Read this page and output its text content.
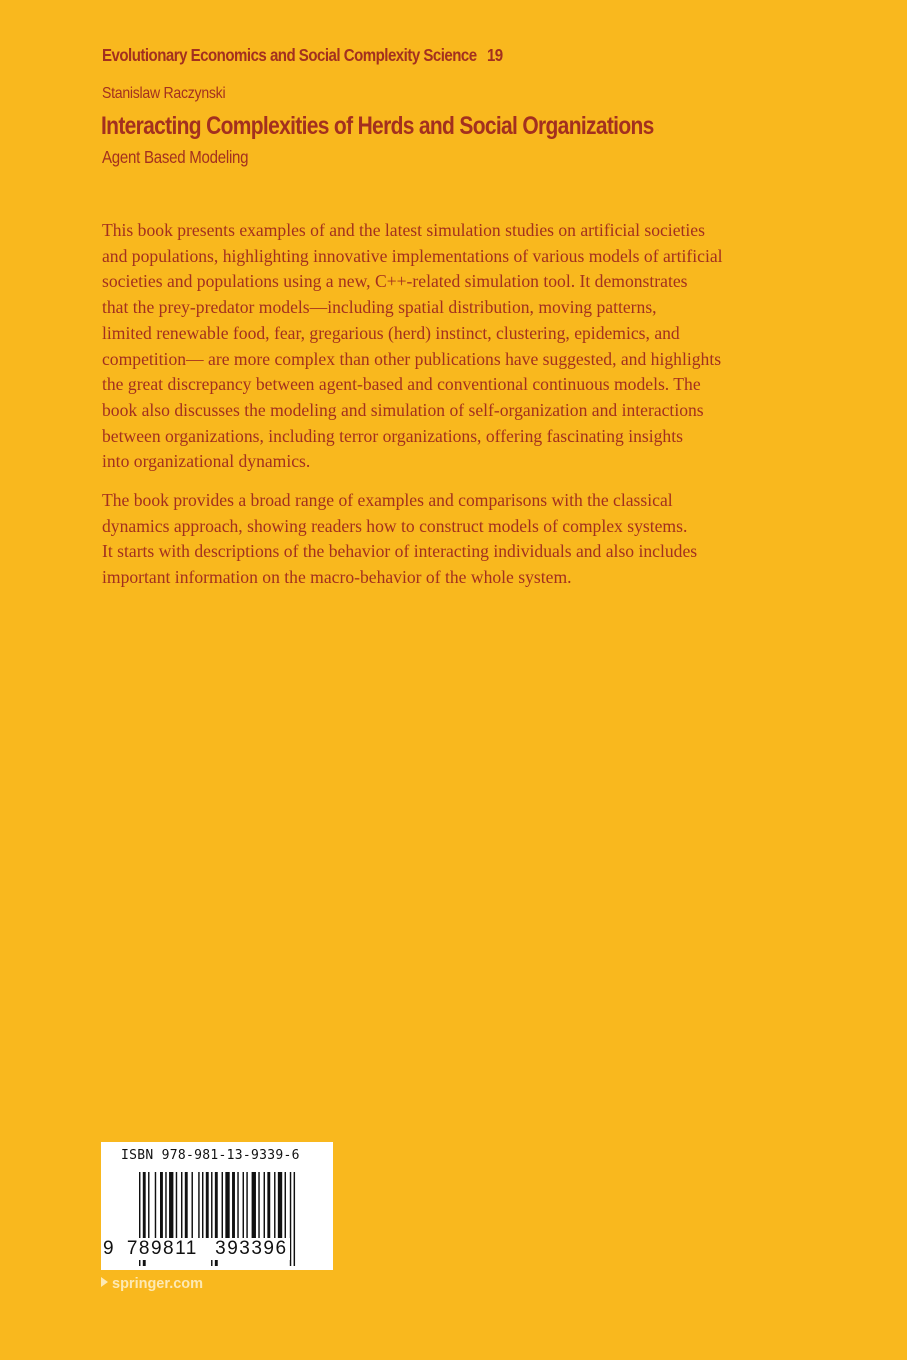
Evolutionary Economics and Social Complexity Science 19
Stanislaw Raczynski
Interacting Complexities of Herds and Social Organizations
Agent Based Modeling
This book presents examples of and the latest simulation studies on artificial societies
and populations, highlighting innovative implementations of various models of artificial
societies and populations using a new, C++-related simulation tool. It demonstrates
that the prey-predator models—including spatial distribution, moving patterns,
limited renewable food, fear, gregarious (herd) instinct, clustering, epidemics, and
competition— are more complex than other publications have suggested, and highlights
the great discrepancy between agent-based and conventional continuous models. The
book also discusses the modeling and simulation of self-organization and interactions
between organizations, including terror organizations, offering fascinating insights
into organizational dynamics.
The book provides a broad range of examples and comparisons with the classical
dynamics approach, showing readers how to construct models of complex systems.
It starts with descriptions of the behavior of interacting individuals and also includes
important information on the macro-behavior of the whole system.
ISBN 978-981-13-9339-6
9 789811 393396
springer.com
